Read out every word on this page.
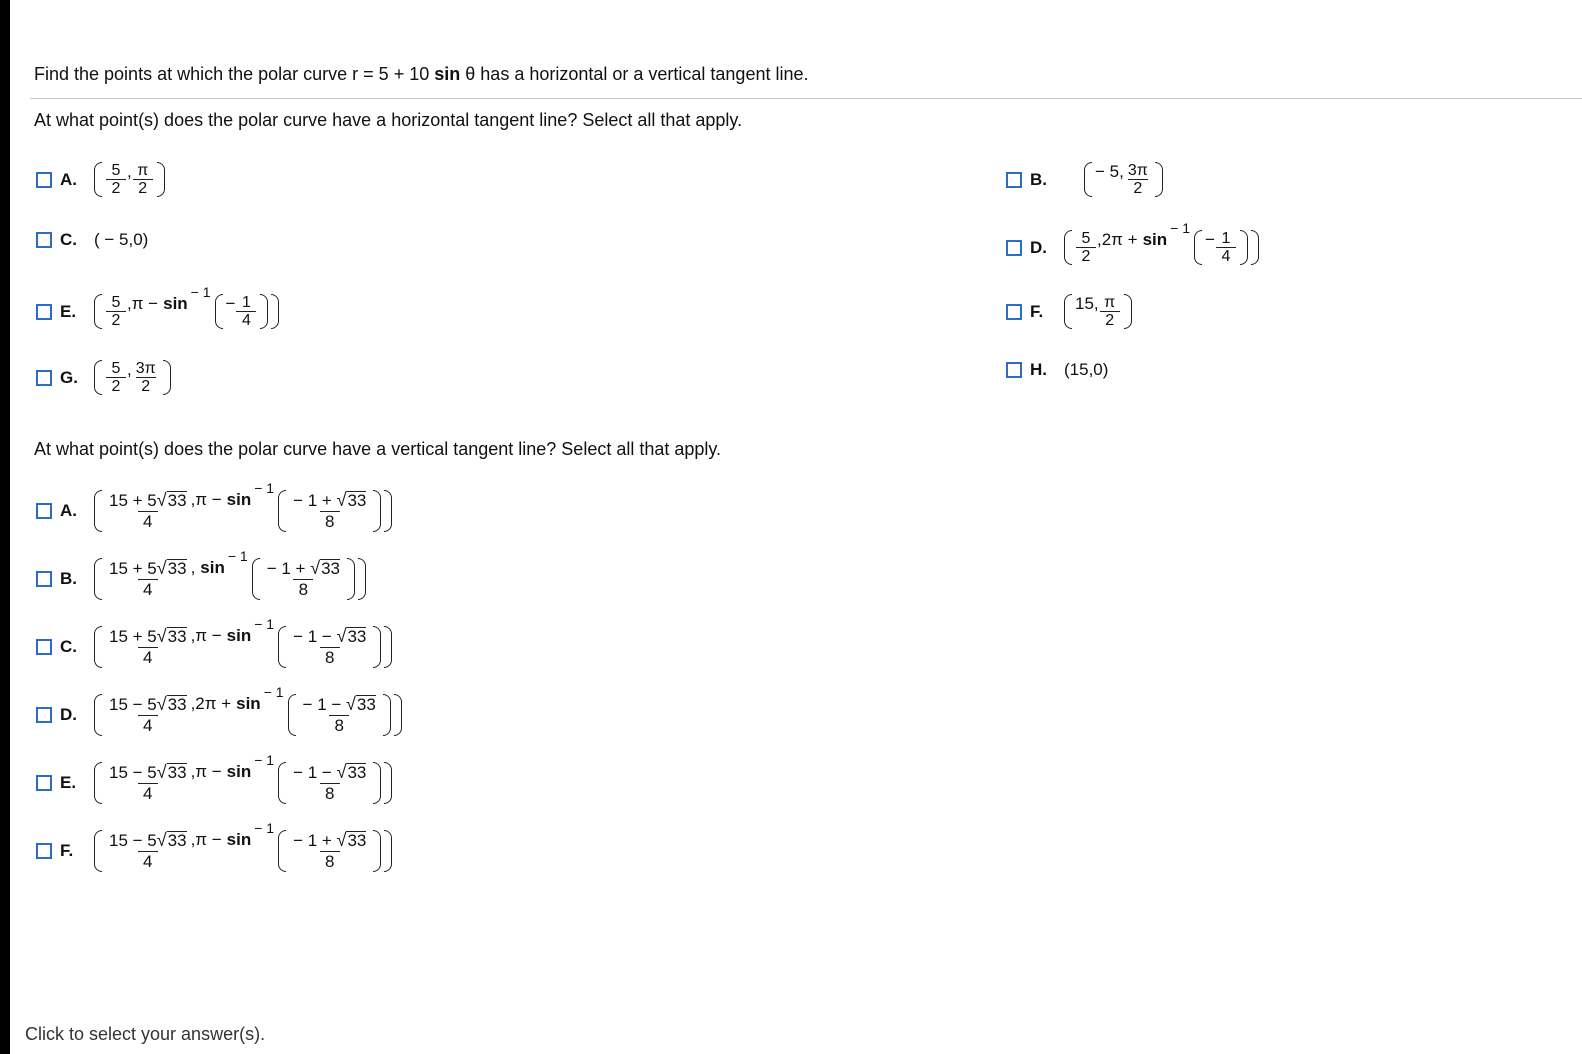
Find the points at which the polar curve r = 5 + 10 sin θ has a horizontal or a vertical tangent line.
At what point(s) does the polar curve have a horizontal tangent line? Select all that apply.
A.	$\frac{5}{2}$ , $\frac{\pi}{2}$	B.	− 5, $\frac{3\pi}{2}$
C.	( − 5,0)	D.	$\frac{5}{2} ,2\pi + \sin$
− 1
− $\frac{1}{4}$
E.	$\frac{5}{2} ,\pi - \sin$
− 1
− $\frac{1}{4}$	F.	15, $\frac{\pi}{2}$
G.	$\frac{5}{2}$ , $\frac{3\pi}{2}$	H.	(15,0)
At what point(s) does the polar curve have a vertical tangent line? Select all that apply.
A.	$\frac{15 + 5 √ 33}{4} ,\pi - \sin$
− 1
$\frac{- 1 + √ 33}{8}$
B.	$\frac{15 + 5 √ 33}{4}$ , sin
− 1
$\frac{- 1 + √ 33}{8}$
C.	$\frac{15 + 5 √ 33}{4} ,\pi - \sin$
− 1
$\frac{- 1 - √ 33}{8}$
D.	$\frac{15 - 5 √ 33}{4} ,2\pi + \sin$
− 1
$\frac{- 1 - √ 33}{8}$
E.	$\frac{15 - 5 √ 33}{4} ,\pi - \sin$
− 1
$\frac{- 1 - √ 33}{8}$
F.	$\frac{15 - 5 √ 33}{4} ,\pi - \sin$
− 1
$\frac{- 1 + √ 33}{8}$
Click to select your answer(s).
